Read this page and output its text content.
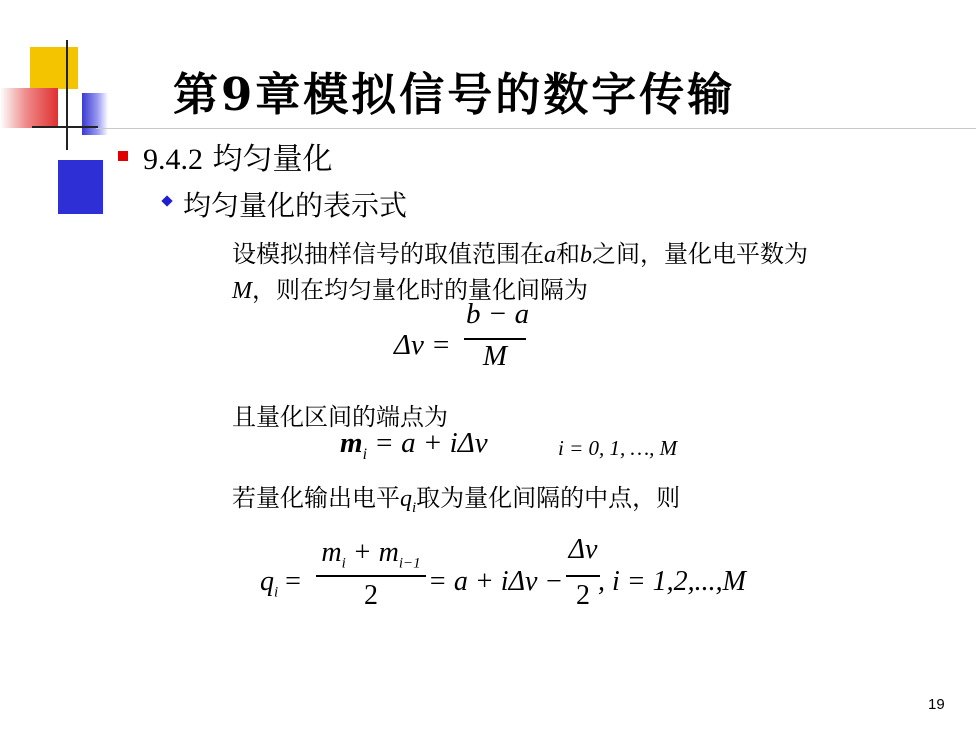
第9章模拟信号的数字传输
9.4.2 均匀量化
均匀量化的表示式
设模拟抽样信号的取值范围在a和b之间，量化电平数为
M，则在均匀量化时的量化间隔为
Δv =
b − a
M
且量化区间的端点为
$m_i = a + i\Delta v$	i = 0, 1, …, M
若量化输出电平$q_i$取为量化间隔的中点，则
$q_i$ =
$m_i + m_{i-1}$
2	= a + iΔv −
Δv
2 , i = 1,2,...,M
19
